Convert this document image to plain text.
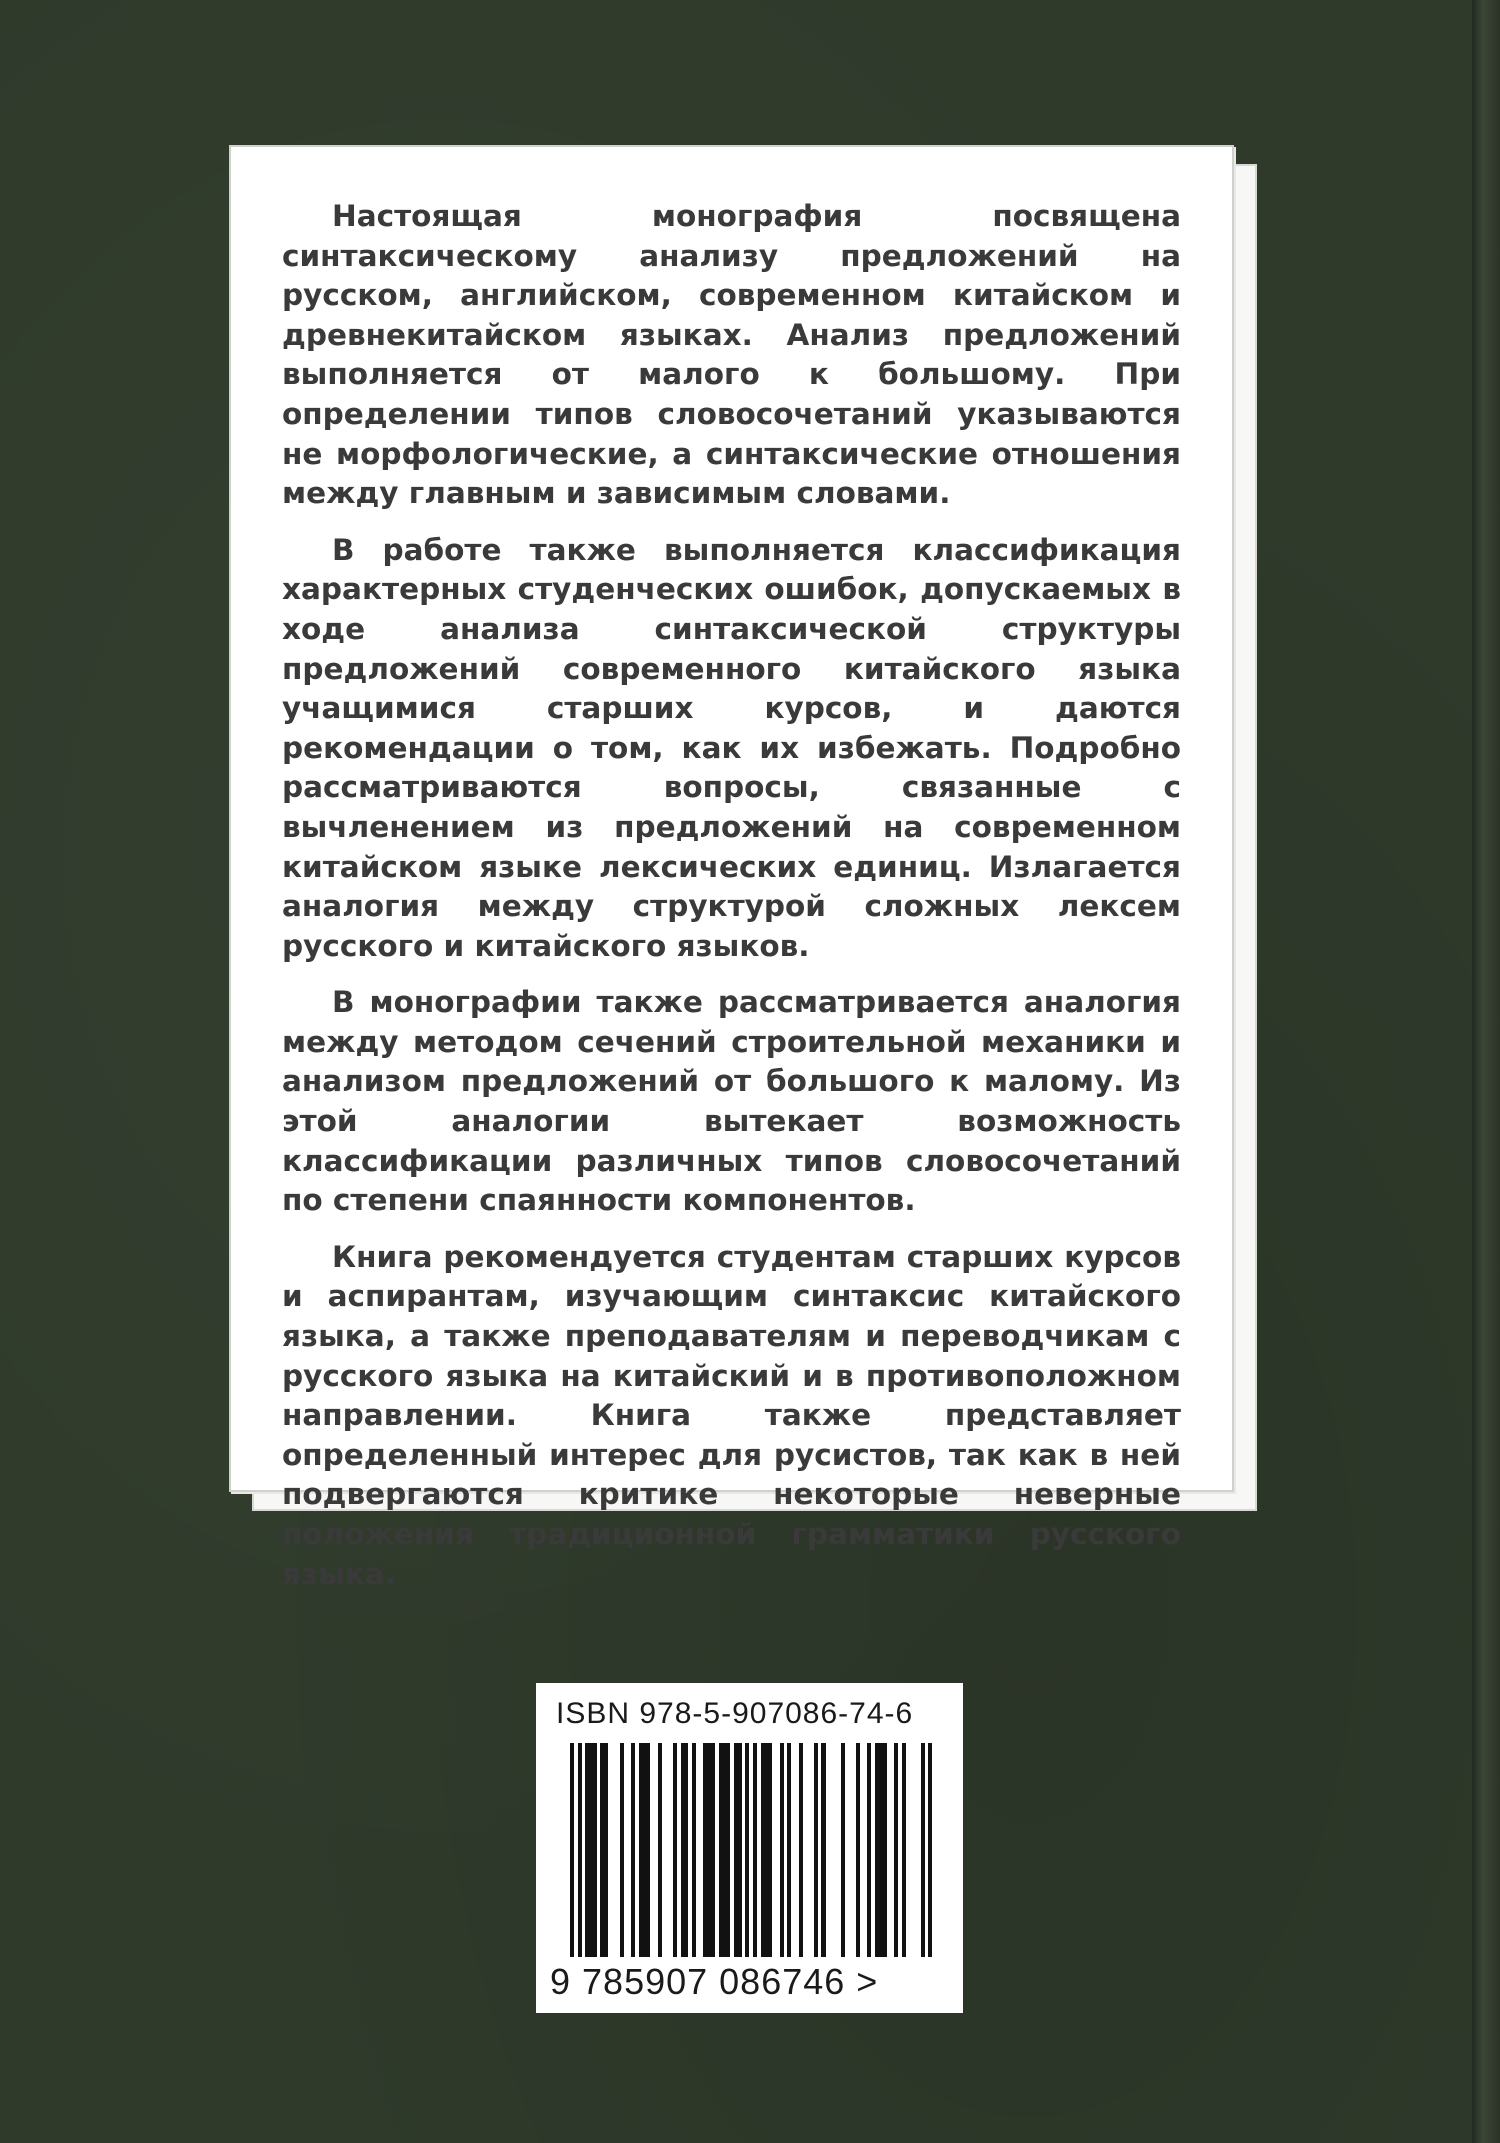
Настоящая монография посвящена синтаксическому анализу предложений на русском, английском, современном китайском и древнекитайском языках. Анализ предложений выполняется от малого к большому. При определении типов словосочетаний указываются не морфологические, а синтаксические отношения между главным и зависимым словами.

В работе также выполняется классификация характерных студенческих ошибок, допускаемых в ходе анализа синтаксической структуры предложений современного китайского языка учащимися старших курсов, и даются рекомендации о том, как их избежать. Подробно рассматриваются вопросы, связанные с вычленением из предложений на современном китайском языке лексических единиц. Излагается аналогия между структурой сложных лексем русского и китайского языков.

В монографии также рассматривается аналогия между методом сечений строительной механики и анализом предложений от большого к малому. Из этой аналогии вытекает возможность классификации различных типов словосочетаний по степени спаянности компонентов.

Книга рекомендуется студентам старших курсов и аспирантам, изучающим синтаксис китайского языка, а также преподавателям и переводчикам с русского языка на китайский и в противоположном направлении. Книга также представляет определенный интерес для русистов, так как в ней подвергаются критике некоторые неверные положения традиционной грамматики русского языка.

ISBN 978-5-907086-74-6
9 785907 086746 >
